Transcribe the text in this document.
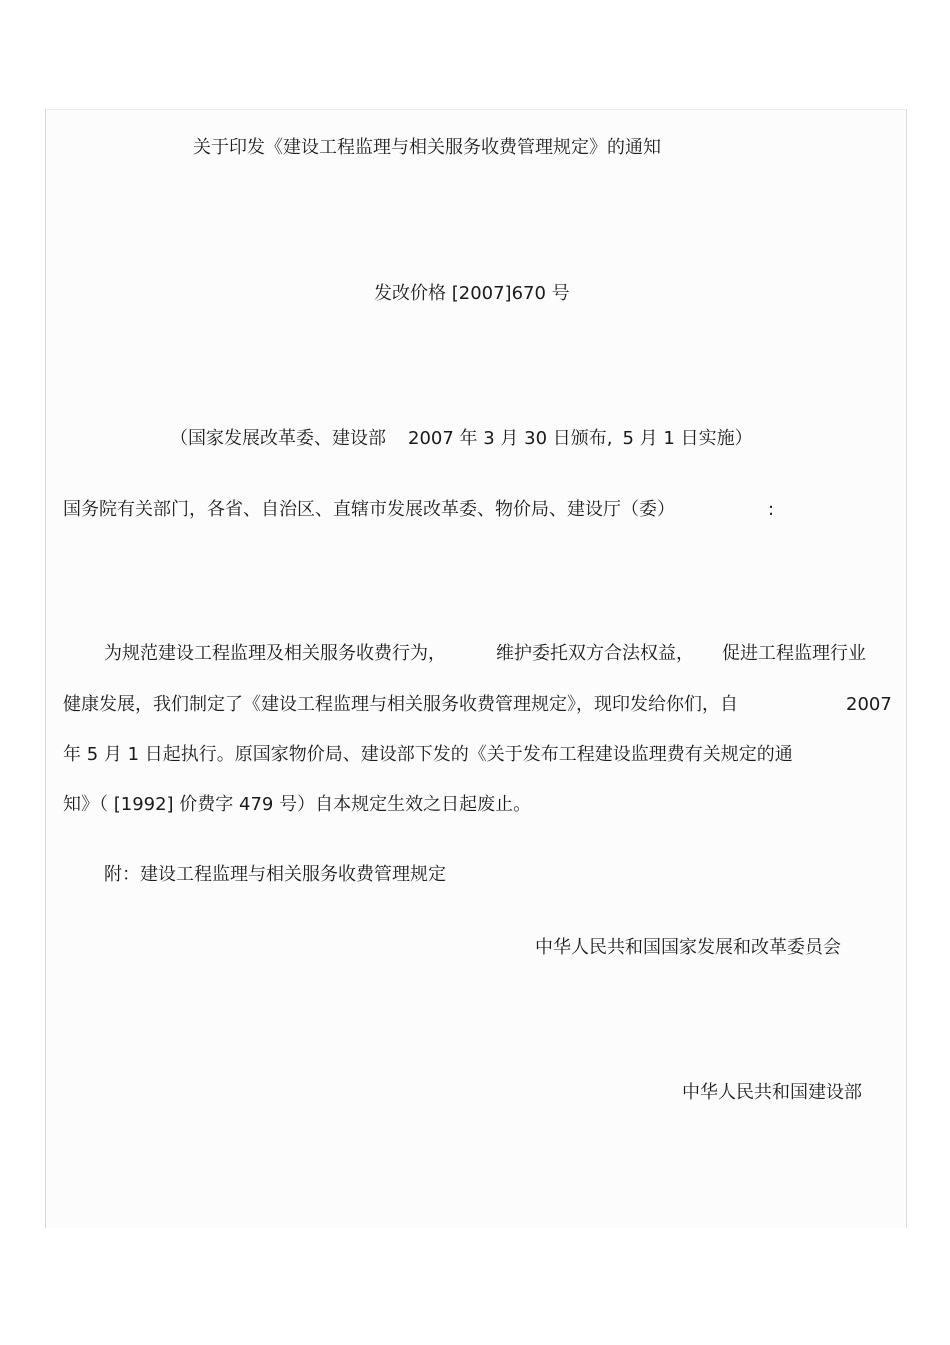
关于印发《建设工程监理与相关服务收费管理规定》的通知
发改价格 [2007]670 号
（国家发展改革委、建设部 2007 年 3 月 30 日颁布, 5 月 1 日实施）
国务院有关部门，各省、自治区、直辖市发展改革委、物价局、建设厅（委）	:
为规范建设工程监理及相关服务收费行为，	维护委托双方合法权益， 促进工程监理行业
健康发展，我们制定了《建设工程监理与相关服务收费管理规定》，现印发给你们，自	2007
年 5 月 1 日起执行。原国家物价局、建设部下发的《关于发布工程建设监理费有关规定的通
知》（ [1992] 价费字 479 号）自本规定生效之日起废止。
附：建设工程监理与相关服务收费管理规定
中华人民共和国国家发展和改革委员会
中华人民共和国建设部
